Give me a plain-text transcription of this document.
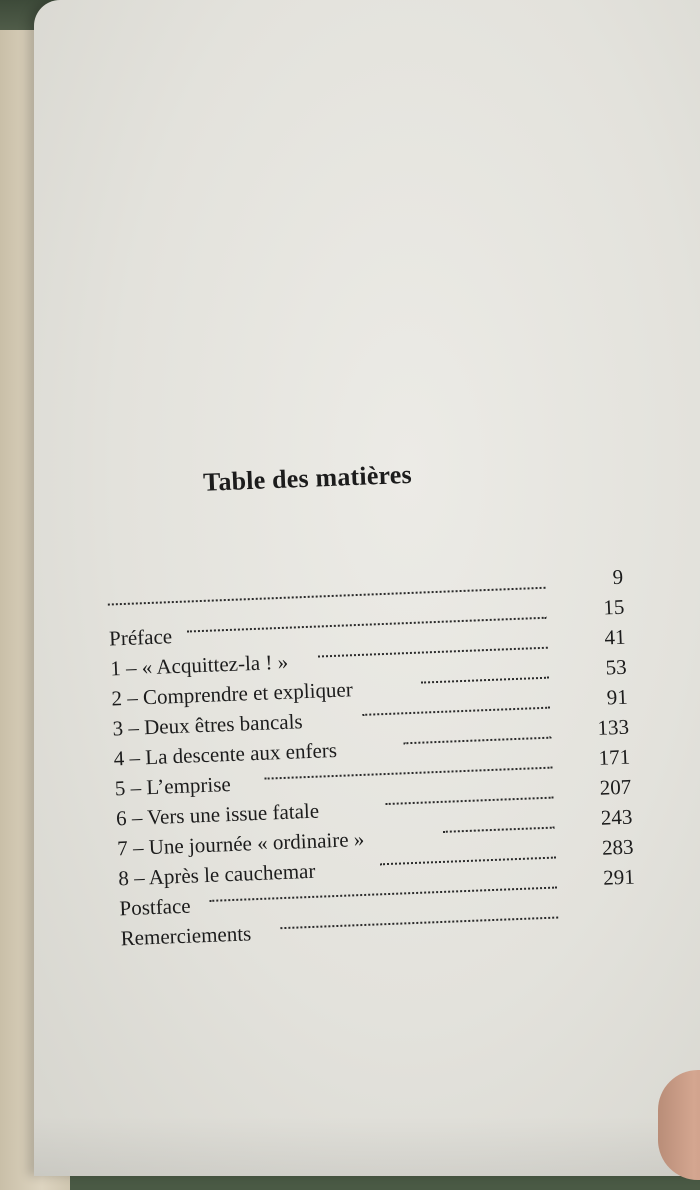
Table des matières
9
Préface
15
1 – « Acquittez-la ! »
41
2 – Comprendre et expliquer
53
3 – Deux êtres bancals
91
4 – La descente aux enfers
133
5 – L’emprise
171
6 – Vers une issue fatale
207
7 – Une journée « ordinaire »
243
8 – Après le cauchemar
283
Postface
291
Remerciements
